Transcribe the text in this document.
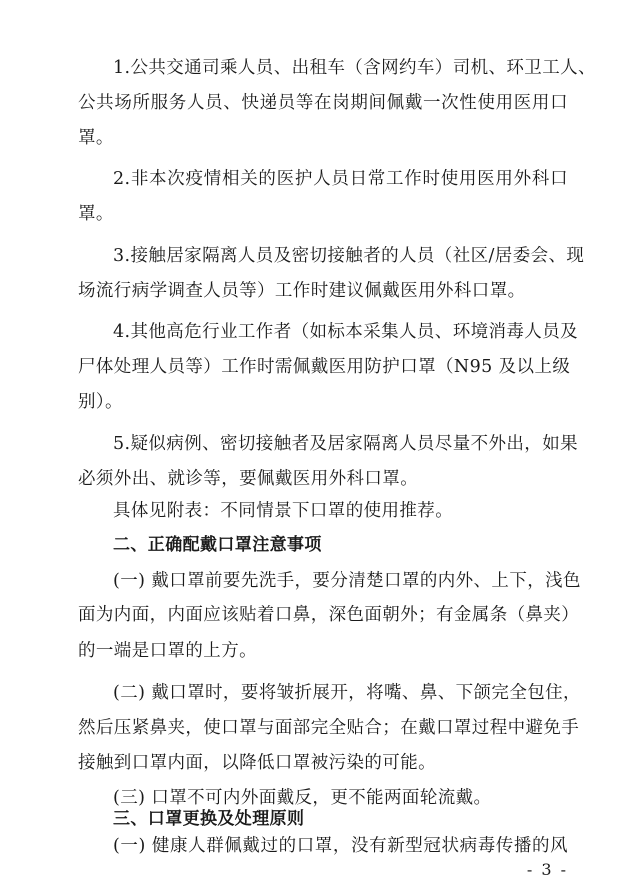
1.公共交通司乘人员、出租车（含网约车）司机、环卫工人、
公共场所服务人员、快递员等在岗期间佩戴一次性使用医用口
罩。
2.非本次疫情相关的医护人员日常工作时使用医用外科口
罩。
3.接触居家隔离人员及密切接触者的人员（社区/居委会、现
场流行病学调查人员等）工作时建议佩戴医用外科口罩。
4.其他高危行业工作者（如标本采集人员、环境消毒人员及
尸体处理人员等）工作时需佩戴医用防护口罩（N95 及以上级
别）。
5.疑似病例、密切接触者及居家隔离人员尽量不外出，如果
必须外出、就诊等，要佩戴医用外科口罩。
具体见附表：不同情景下口罩的使用推荐。
二、正确配戴口罩注意事项
(一) 戴口罩前要先洗手，要分清楚口罩的内外、上下，浅色
面为内面，内面应该贴着口鼻，深色面朝外；有金属条（鼻夹）
的一端是口罩的上方。
(二) 戴口罩时，要将皱折展开，将嘴、鼻、下颌完全包住，
然后压紧鼻夹，使口罩与面部完全贴合；在戴口罩过程中避免手
接触到口罩内面，以降低口罩被污染的可能。
(三) 口罩不可内外面戴反，更不能两面轮流戴。
三、口罩更换及处理原则
(一) 健康人群佩戴过的口罩，没有新型冠状病毒传播的风
- 3 -
